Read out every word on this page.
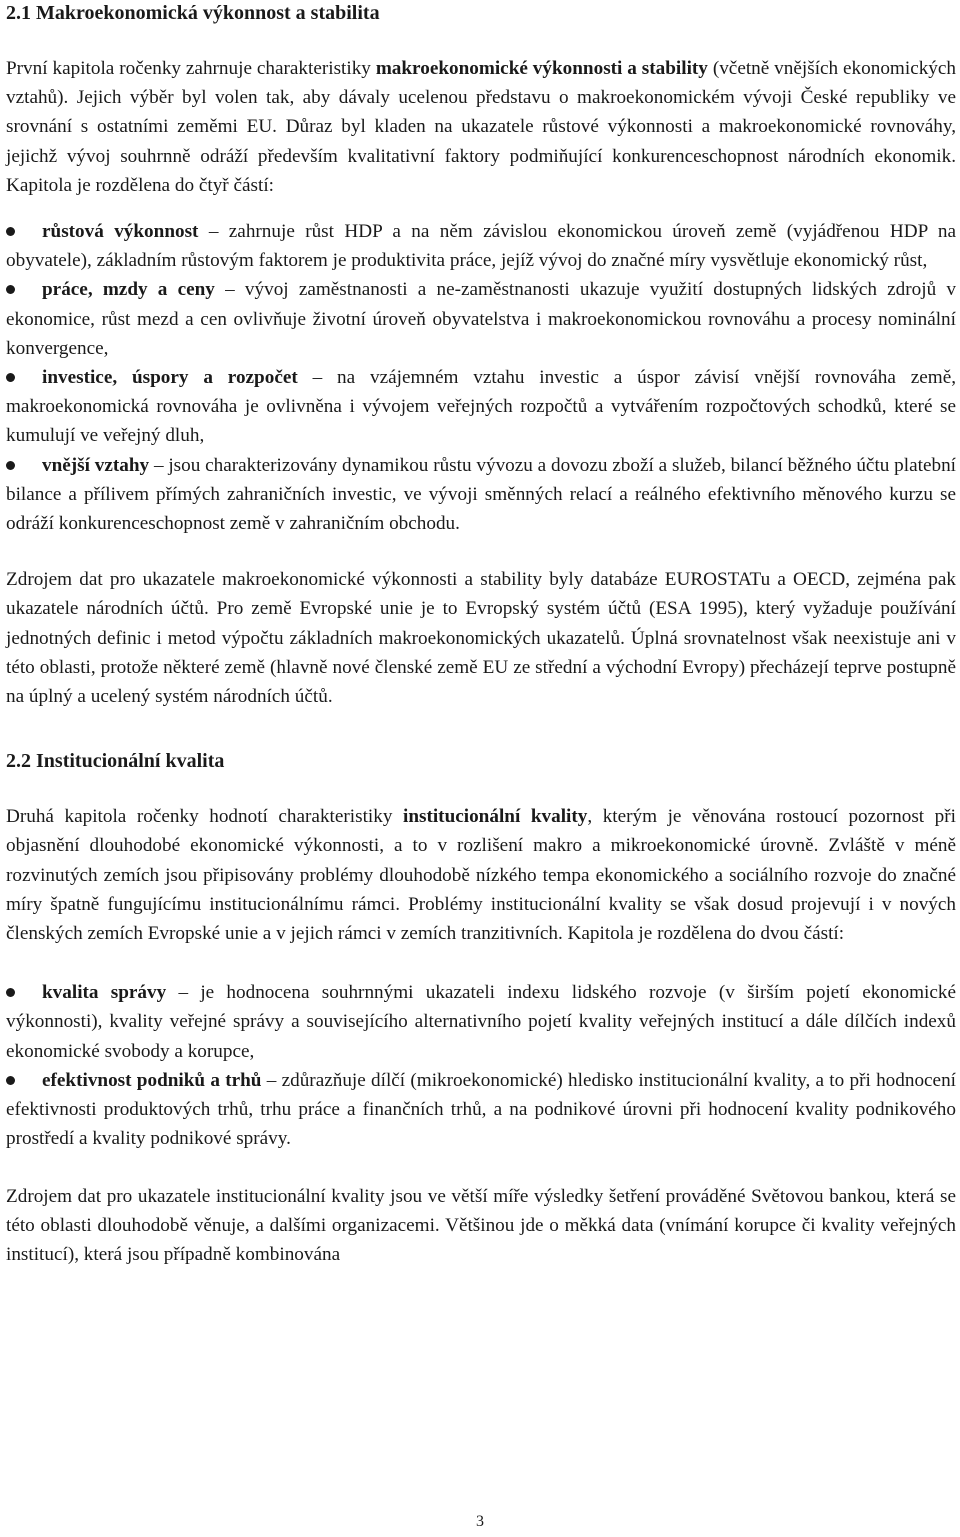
2.1 Makroekonomická výkonnost a stabilita

První kapitola ročenky zahrnuje charakteristiky makroekonomické výkonnosti a stability (včetně vnějších ekonomických vztahů). Jejich výběr byl volen tak, aby dávaly ucelenou představu o makroekonomickém vývoji České republiky ve srovnání s ostatními zeměmi EU. Důraz byl kladen na ukazatele růstové výkonnosti a makroekonomické rovnováhy, jejichž vývoj souhrnně odráží především kvalitativní faktory podmiňující konkurenceschopnost národních ekonomik. Kapitola je rozdělena do čtyř částí:

růstová výkonnost – zahrnuje růst HDP a na něm závislou ekonomickou úroveň země (vyjádřenou HDP na obyvatele), základním růstovým faktorem je produktivita práce, jejíž vývoj do značné míry vysvětluje ekonomický růst,
práce, mzdy a ceny – vývoj zaměstnanosti a ne-zaměstnanosti ukazuje využití dostupných lidských zdrojů v ekonomice, růst mezd a cen ovlivňuje životní úroveň obyvatelstva i makroekonomickou rovnováhu a procesy nominální konvergence,
investice, úspory a rozpočet – na vzájemném vztahu investic a úspor závisí vnější rovnováha země, makroekonomická rovnováha je ovlivněna i vývojem veřejných rozpočtů a vytvářením rozpočtových schodků, které se kumulují ve veřejný dluh,
vnější vztahy – jsou charakterizovány dynamikou růstu vývozu a dovozu zboží a služeb, bilancí běžného účtu platební bilance a přílivem přímých zahraničních investic, ve vývoji směnných relací a reálného efektivního měnového kurzu se odráží konkurenceschopnost země v zahraničním obchodu.

Zdrojem dat pro ukazatele makroekonomické výkonnosti a stability byly databáze EUROSTATu a OECD, zejména pak ukazatele národních účtů. Pro země Evropské unie je to Evropský systém účtů (ESA 1995), který vyžaduje používání jednotných definic i metod výpočtu základních makroekonomických ukazatelů. Úplná srovnatelnost však neexistuje ani v této oblasti, protože některé země (hlavně nové členské země EU ze střední a východní Evropy) přecházejí teprve postupně na úplný a ucelený systém národních účtů.

2.2 Institucionální kvalita

Druhá kapitola ročenky hodnotí charakteristiky institucionální kvality, kterým je věnována rostoucí pozornost při objasnění dlouhodobé ekonomické výkonnosti, a to v rozlišení makro a mikroekonomické úrovně. Zvláště v méně rozvinutých zemích jsou připisovány problémy dlouhodobě nízkého tempa ekonomického a sociálního rozvoje do značné míry špatně fungujícímu institucionálnímu rámci. Problémy institucionální kvality se však dosud projevují i v nových členských zemích Evropské unie a v jejich rámci v zemích tranzitivních. Kapitola je rozdělena do dvou částí:

kvalita správy – je hodnocena souhrnnými ukazateli indexu lidského rozvoje (v širším pojetí ekonomické výkonnosti), kvality veřejné správy a souvisejícího alternativního pojetí kvality veřejných institucí a dále dílčích indexů ekonomické svobody a korupce,
efektivnost podniků a trhů – zdůrazňuje dílčí (mikroekonomické) hledisko institucionální kvality, a to při hodnocení efektivnosti produktových trhů, trhu práce a finančních trhů, a na podnikové úrovni při hodnocení kvality podnikového prostředí a kvality podnikové správy.

Zdrojem dat pro ukazatele institucionální kvality jsou ve větší míře výsledky šetření prováděné Světovou bankou, která se této oblasti dlouhodobě věnuje, a dalšími organizacemi. Většinou jde o měkká data (vnímání korupce či kvality veřejných institucí), která jsou případně kombinována

3
